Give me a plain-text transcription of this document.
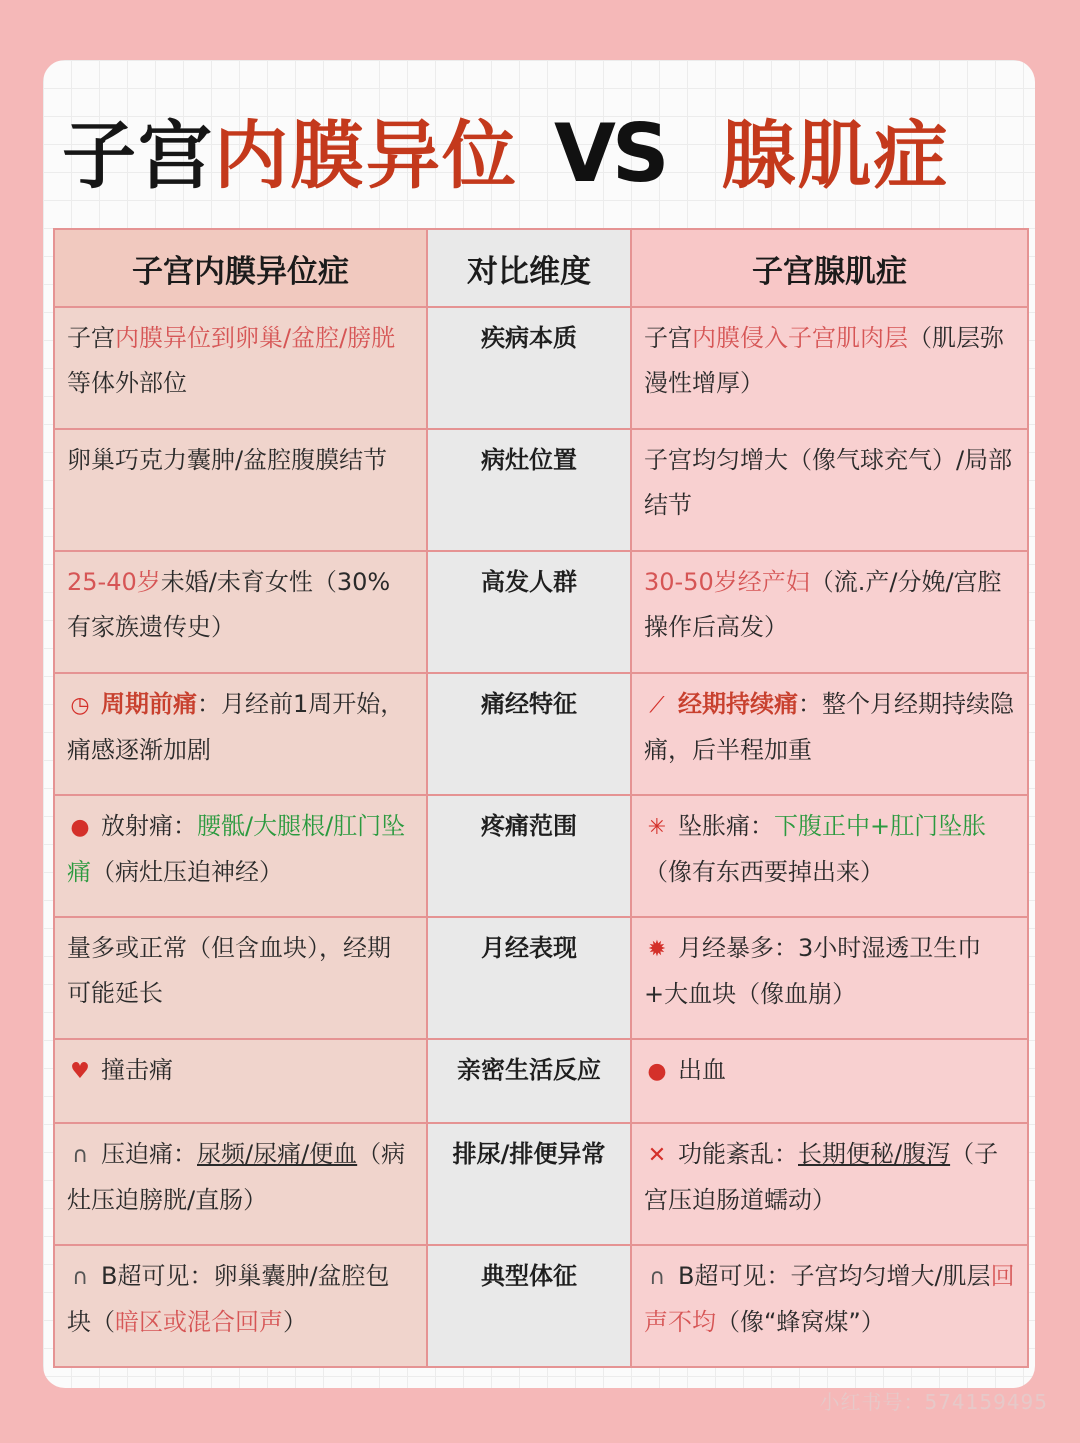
子宫内膜异位 VS 腺肌症
子宫内膜异位症	对比维度	子宫腺肌症
子宫内膜异位到卵巢/盆腔/膀胱等体外部位	疾病本质	子宫内膜侵入子宫肌肉层（肌层弥漫性增厚）
卵巢巧克力囊肿/盆腔腹膜结节	病灶位置	子宫均匀增大（像气球充气）/局部结节
25-40岁未婚/未育女性（30%有家族遗传史）	高发人群	30-50岁经产妇（流.产/分娩/宫腔操作后高发）
◷ 周期前痛：月经前1周开始，痛感逐渐加剧	痛经特征	⟋ 经期持续痛：整个月经期持续隐痛，后半程加重
● 放射痛：腰骶/大腿根/肛门坠痛（病灶压迫神经）	疼痛范围	✳ 坠胀痛：下腹正中+肛门坠胀（像有东西要掉出来）
量多或正常（但含血块），经期可能延长	月经表现	✹ 月经暴多：3小时湿透卫生巾+大血块（像血崩）
♥ 撞击痛	亲密生活反应	● 出血
∩ 压迫痛：尿频/尿痛/便血（病灶压迫膀胱/直肠）	排尿/排便异常	✕ 功能紊乱：长期便秘/腹泻（子宫压迫肠道蠕动）
∩ B超可见：卵巢囊肿/盆腔包块（暗区或混合回声）	典型体征	∩ B超可见：子宫均匀增大/肌层回声不均（像“蜂窝煤”）
小红书号：574159495
